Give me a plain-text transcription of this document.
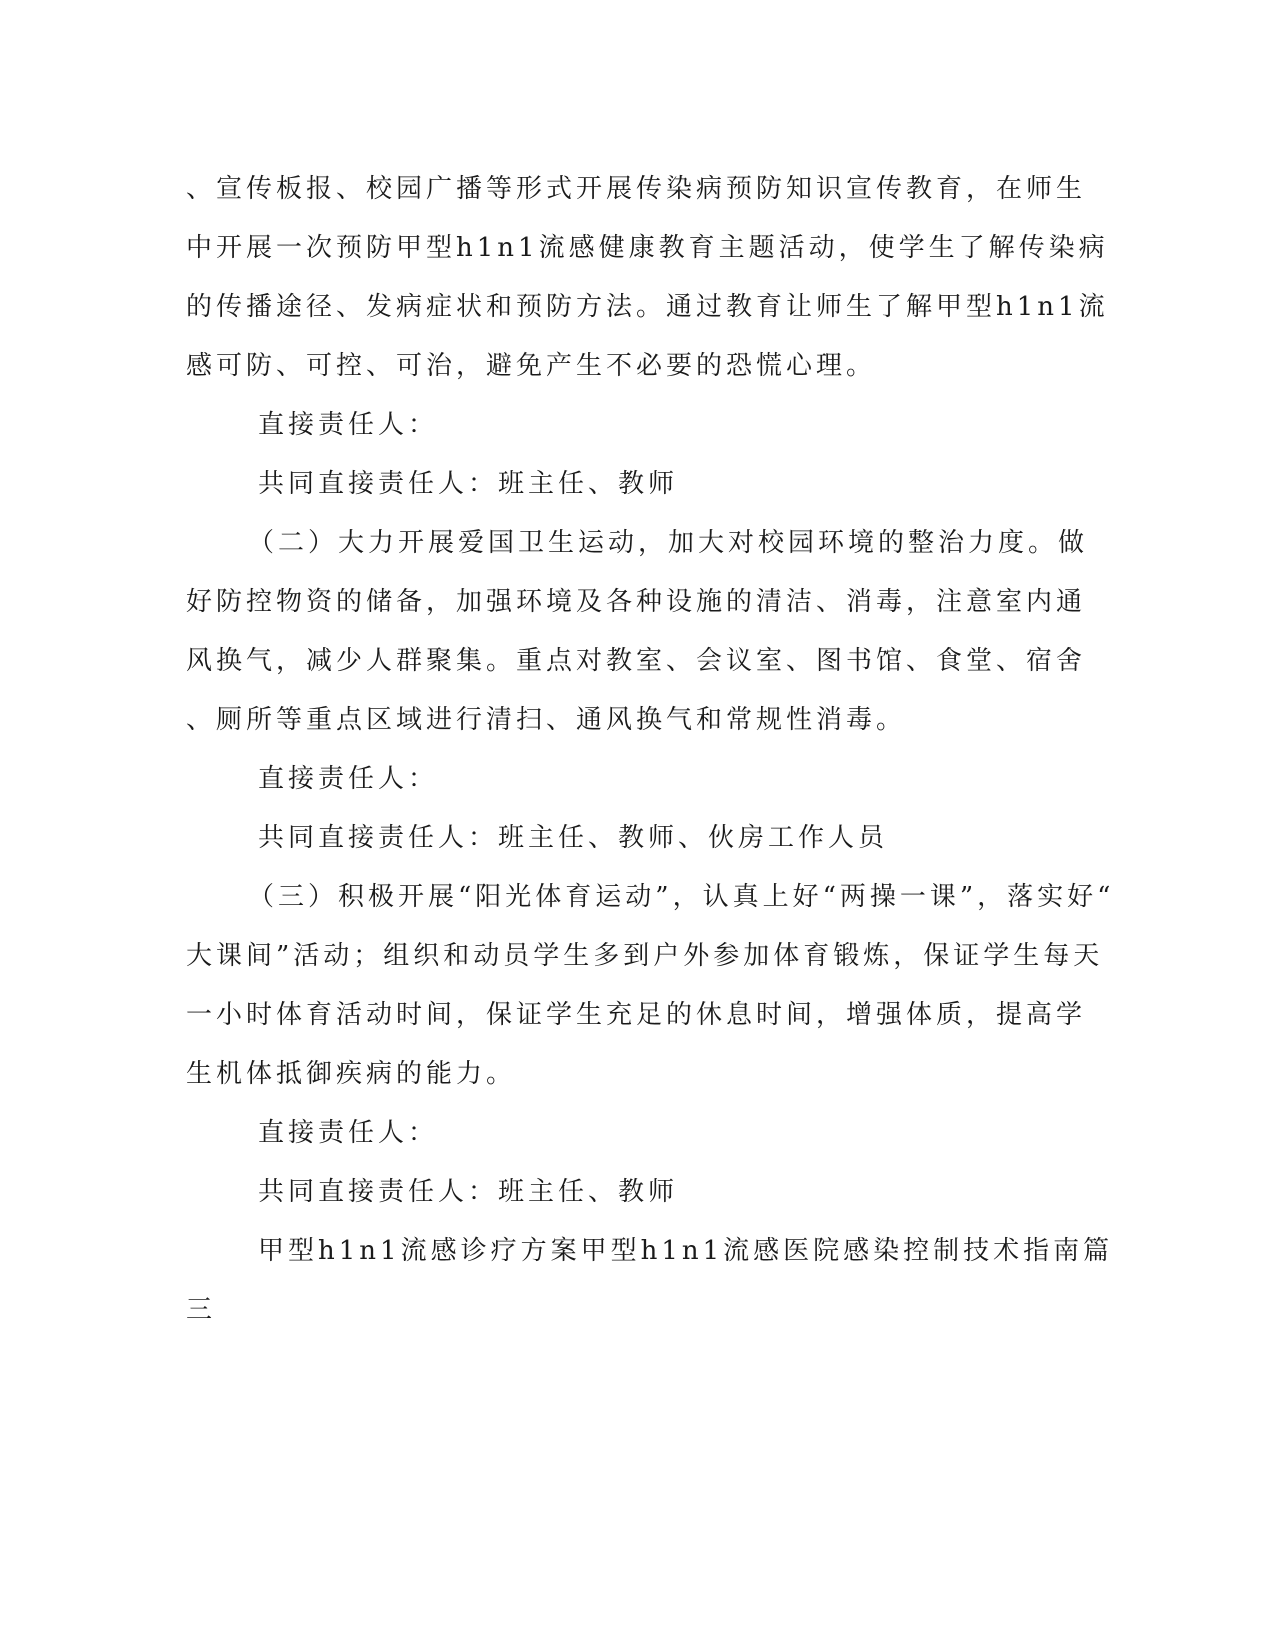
、宣传板报、校园广播等形式开展传染病预防知识宣传教育，在师生
中开展一次预防甲型h1n1流感健康教育主题活动，使学生了解传染病
的传播途径、发病症状和预防方法。通过教育让师生了解甲型h1n1流
感可防、可控、可治，避免产生不必要的恐慌心理。
直接责任人：
共同直接责任人：班主任、教师
（二）大力开展爱国卫生运动，加大对校园环境的整治力度。做
好防控物资的储备，加强环境及各种设施的清洁、消毒，注意室内通
风换气，减少人群聚集。重点对教室、会议室、图书馆、食堂、宿舍
、厕所等重点区域进行清扫、通风换气和常规性消毒。
直接责任人：
共同直接责任人：班主任、教师、伙房工作人员
（三）积极开展“阳光体育运动”，认真上好“两操一课”，落实好“
大课间”活动；组织和动员学生多到户外参加体育锻炼，保证学生每天
一小时体育活动时间，保证学生充足的休息时间，增强体质，提高学
生机体抵御疾病的能力。
直接责任人：
共同直接责任人：班主任、教师
甲型h1n1流感诊疗方案甲型h1n1流感医院感染控制技术指南篇
三
